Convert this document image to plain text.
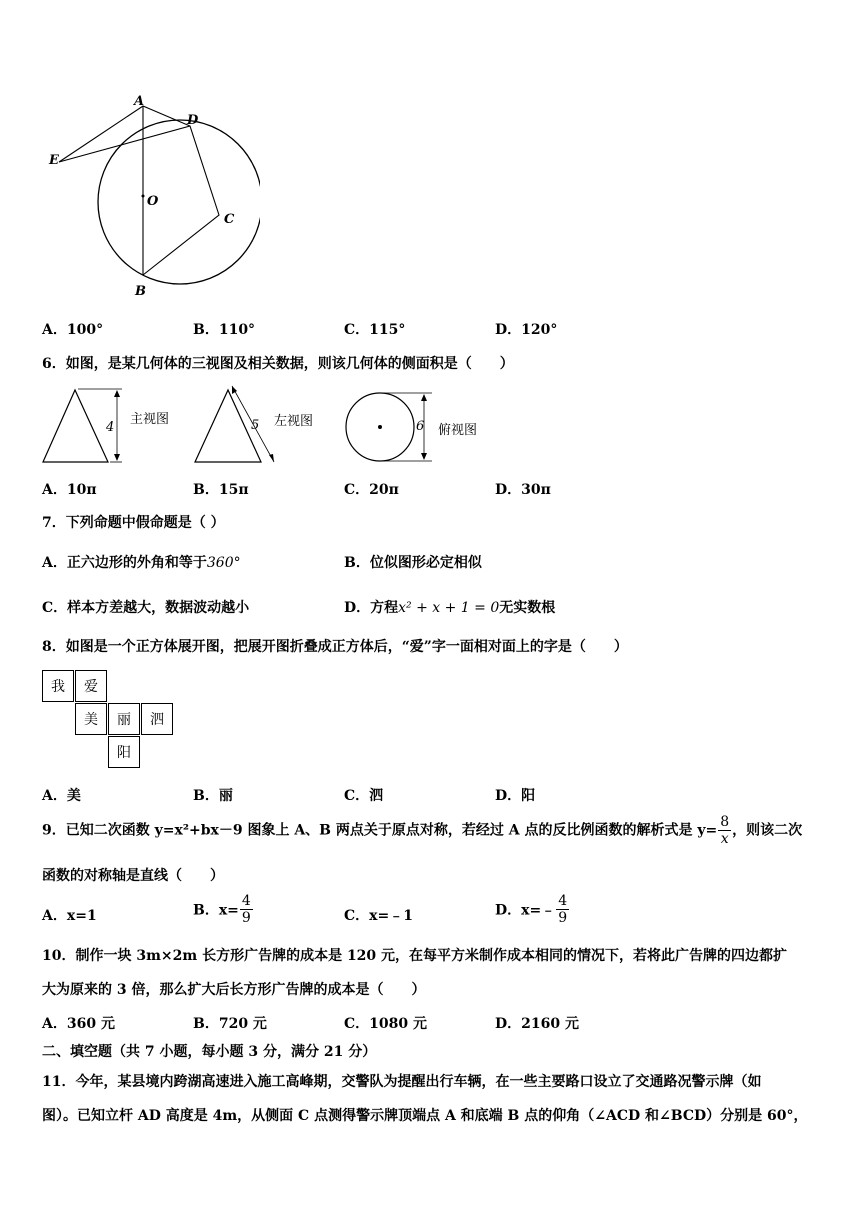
A
D
E
O
C
B
A．100°	B．110°	C．115°	D．120°
6．如图，是某几何体的三视图及相关数据，则该几何体的侧面积是（　　）
4
主视图	5 左视图	6 俯视图
A．10π	B．15π	C．20π	D．30π
7．下列命题中假命题是（ ）
A．正六边形的外角和等于360°	B．位似图形必定相似
C．样本方差越大，数据波动越小	D．方程x² + x + 1 = 0无实数根
8．如图是一个正方体展开图，把展开图折叠成正方体后，“爱”字一面相对面上的字是（　　）
我	爱
美	丽	泗
阳
A．美	B．丽	C．泗	D．阳
9．已知二次函数 y=x²+bx－9 图象上 A、B 两点关于原点对称，若经过 A 点的反比例函数的解析式是 $y= \frac{8}{x}$ ，则该二次
函数的对称轴是直线（　　）
A．x=1	B．$x= \frac{4}{9}$	C．x=﹣1	D．x=﹣ $\frac{4}{9}$
10．制作一块 3m×2m 长方形广告牌的成本是 120 元，在每平方米制作成本相同的情况下，若将此广告牌的四边都扩
大为原来的 3 倍，那么扩大后长方形广告牌的成本是（　　）
A．360 元	B．720 元	C．1080 元	D．2160 元
二、填空题（共 7 小题，每小题 3 分，满分 21 分）
11．今年，某县境内跨湖高速进入施工高峰期，交警队为提醒出行车辆，在一些主要路口设立了交通路况警示牌（如
图）。已知立杆 AD 高度是 4m，从侧面 C 点测得警示牌顶端点 A 和底端 B 点的仰角（∠ACD 和∠BCD）分别是 60°，
